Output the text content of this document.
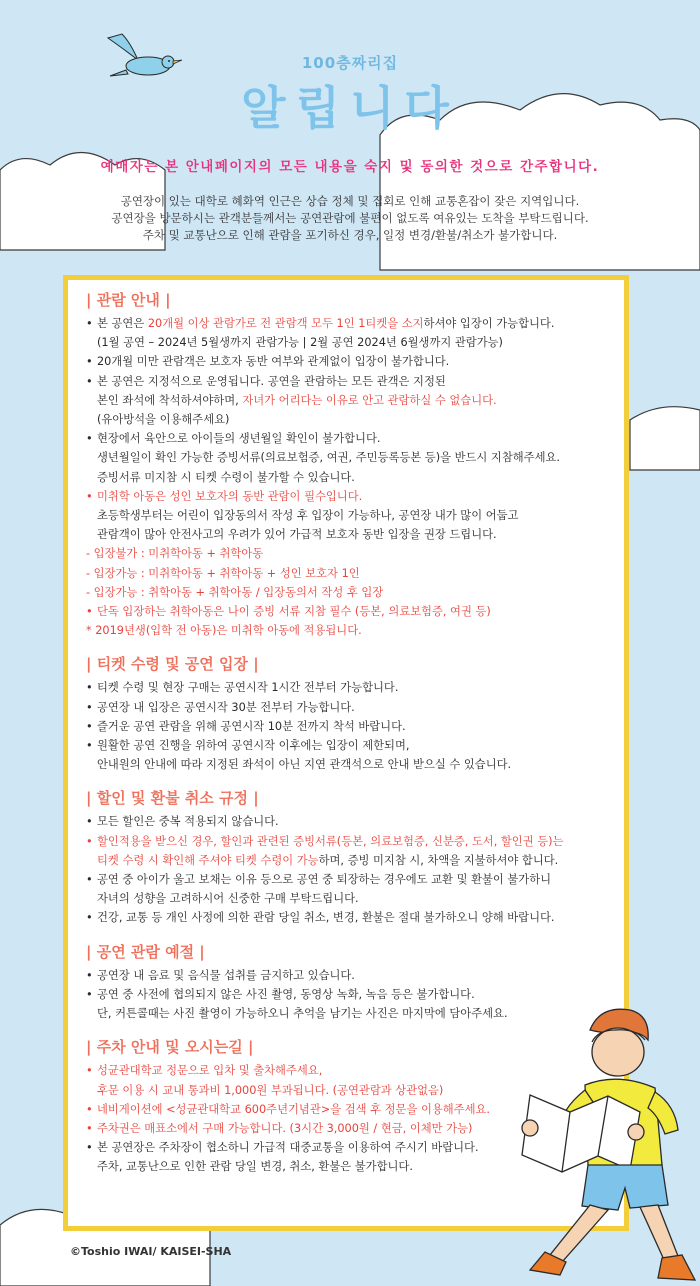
100층짜리집
알립니다
예매자는 본 안내페이지의 모든 내용을 숙지 및 동의한 것으로 간주합니다.
공연장이 있는 대학로 혜화역 인근은 상습 정체 및 집회로 인해 교통혼잡이 잦은 지역입니다.
공연장을 방문하시는 관객분들께서는 공연관람에 불편이 없도록 여유있는 도착을 부탁드립니다.
주차 및 교통난으로 인해 관람을 포기하신 경우, 일정 변경/환불/취소가 불가합니다.
| 관람 안내 |
• 본 공연은 20개월 이상 관람가로 전 관람객 모두 1인 1티켓을 소지하셔야 입장이 가능합니다.
(1월 공연 – 2024년 5월생까지 관람가능 | 2월 공연 2024년 6월생까지 관람가능)
• 20개월 미만 관람객은 보호자 동반 여부와 관계없이 입장이 불가합니다.
• 본 공연은 지정석으로 운영됩니다. 공연을 관람하는 모든 관객은 지정된
본인 좌석에 착석하셔야하며, 자녀가 어리다는 이유로 안고 관람하실 수 없습니다.
(유아방석을 이용해주세요)
• 현장에서 육안으로 아이들의 생년월일 확인이 불가합니다.
생년월일이 확인 가능한 증빙서류(의료보험증, 여권, 주민등록등본 등)을 반드시 지참해주세요.
증빙서류 미지참 시 티켓 수령이 불가할 수 있습니다.
• 미취학 아동은 성인 보호자의 동반 관람이 필수입니다.
초등학생부터는 어린이 입장동의서 작성 후 입장이 가능하나, 공연장 내가 많이 어둡고
관람객이 많아 안전사고의 우려가 있어 가급적 보호자 동반 입장을 권장 드립니다.
- 입장불가 : 미취학아동 + 취학아동
- 입장가능 : 미취학아동 + 취학아동 + 성인 보호자 1인
- 입장가능 : 취학아동 + 취학아동 / 입장동의서 작성 후 입장
• 단독 입장하는 취학아동은 나이 증빙 서류 지참 필수 (등본, 의료보험증, 여권 등)
* 2019년생(입학 전 아동)은 미취학 아동에 적용됩니다.
| 티켓 수령 및 공연 입장 |
• 티켓 수령 및 현장 구매는 공연시작 1시간 전부터 가능합니다.
• 공연장 내 입장은 공연시작 30분 전부터 가능합니다.
• 즐거운 공연 관람을 위해 공연시작 10분 전까지 착석 바랍니다.
• 원활한 공연 진행을 위하여 공연시작 이후에는 입장이 제한되며,
안내원의 안내에 따라 지정된 좌석이 아닌 지연 관객석으로 안내 받으실 수 있습니다.
| 할인 및 환불 취소 규정 |
• 모든 할인은 중복 적용되지 않습니다.
• 할인적용을 받으신 경우, 할인과 관련된 증빙서류(등본, 의료보험증, 신분증, 도서, 할인권 등)는
티켓 수령 시 확인해 주셔야 티켓 수령이 가능하며, 증빙 미지참 시, 차액을 지불하셔야 합니다.
• 공연 중 아이가 울고 보채는 이유 등으로 공연 중 퇴장하는 경우에도 교환 및 환불이 불가하니
자녀의 성향을 고려하시어 신중한 구매 부탁드립니다.
• 건강, 교통 등 개인 사정에 의한 관람 당일 취소, 변경, 환불은 절대 불가하오니 양해 바랍니다.
| 공연 관람 예절 |
• 공연장 내 음료 및 음식물 섭취를 금지하고 있습니다.
• 공연 중 사전에 협의되지 않은 사진 촬영, 동영상 녹화, 녹음 등은 불가합니다.
단, 커튼콜때는 사진 촬영이 가능하오니 추억을 남기는 사진은 마지막에 담아주세요.
| 주차 안내 및 오시는길 |
• 성균관대학교 정문으로 입차 및 출차해주세요,
후문 이용 시 교내 통과비 1,000원 부과됩니다. (공연관람과 상관없음)
• 네비게이션에 <성균관대학교 600주년기념관>을 검색 후 정문을 이용해주세요.
• 주차권은 매표소에서 구매 가능합니다. (3시간 3,000원 / 현금, 이체만 가능)
• 본 공연장은 주차장이 협소하니 가급적 대중교통을 이용하여 주시기 바랍니다.
주차, 교통난으로 인한 관람 당일 변경, 취소, 환불은 불가합니다.
©Toshio IWAI/ KAISEI-SHA
